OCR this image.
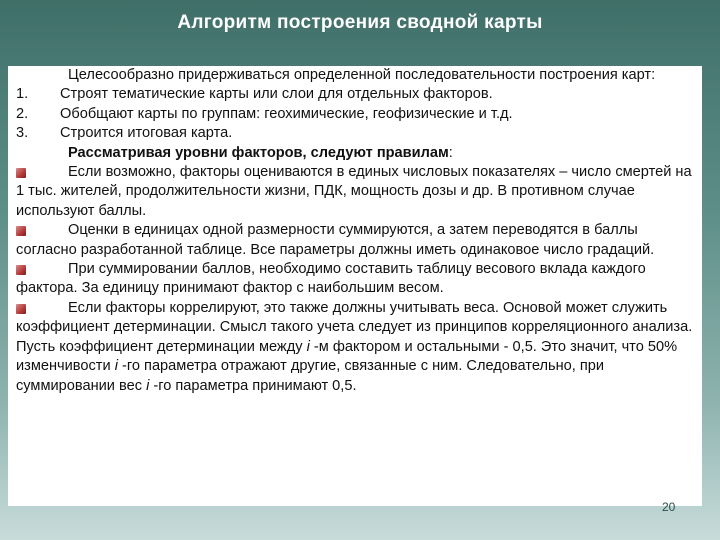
Алгоритм построения сводной карты

Целесообразно придерживаться определенной последовательности построения карт:

1.	Строят тематические карты или слои для отдельных факторов.
2.	Обобщают карты по группам: геохимические, геофизические и т.д.
3.	Строится итоговая карта.

Рассматривая уровни факторов, следуют правилам:

Если возможно, факторы оцениваются в единых числовых показателях – число смертей на 1 тыс. жителей, продолжительности жизни, ПДК, мощность дозы и др. В противном случае используют баллы.

Оценки в единицах одной размерности суммируются, а затем переводятся в баллы согласно разработанной таблице. Все параметры должны иметь одинаковое число градаций.

При суммировании баллов, необходимо составить таблицу весового вклада каждого фактора. За единицу принимают фактор с наибольшим весом.

Если факторы коррелируют, это также должны учитывать веса. Основой может служить коэффициент детерминации. Смысл такого учета следует из принципов корреляционного анализа. Пусть коэффициент детерминации между i -м фактором и остальными - 0,5. Это значит, что 50% изменчивости i -го параметра отражают другие, связанные с ним. Следовательно, при суммировании вес i -го параметра принимают 0,5.

20
